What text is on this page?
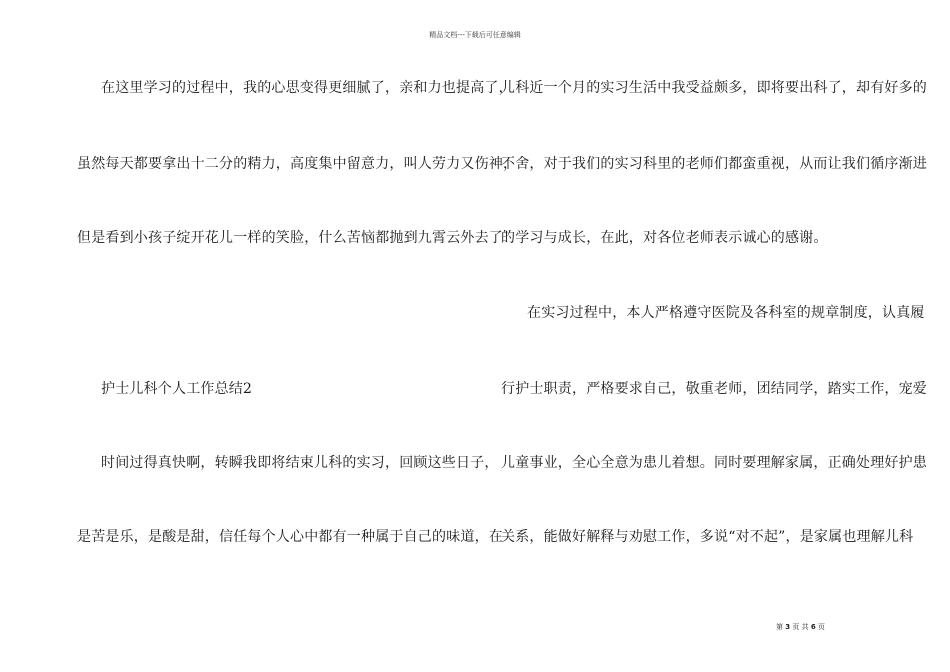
精品文档---下载后可任意编辑
在这里学习的过程中，我的心思变得更细腻了，亲和力也提高了，
虽然每天都要拿出十二分的精力，高度集中留意力，叫人劳力又伤神，
但是看到小孩子绽开花儿一样的笑脸，什么苦恼都抛到九霄云外去了！
护士儿科个人工作总结2
时间过得真快啊，转瞬我即将结束儿科的实习，回顾这些日子，
是苦是乐，是酸是甜，信任每个人心中都有一种属于自己的味道，在
儿科近一个月的实习生活中我受益颇多，即将要出科了，却有好多的
不舍，对于我们的实习科里的老师们都蛮重视，从而让我们循序渐进
的学习与成长，在此，对各位老师表示诚心的感谢。
在实习过程中，本人严格遵守医院及各科室的规章制度，认真履
行护士职责，严格要求自己，敬重老师，团结同学，踏实工作，宠爱
儿童事业，全心全意为患儿着想。同时要理解家属，正确处理好护患
关系，能做好解释与劝慰工作，多说“对不起”，是家属也理解儿科
第 3 页 共 6 页
